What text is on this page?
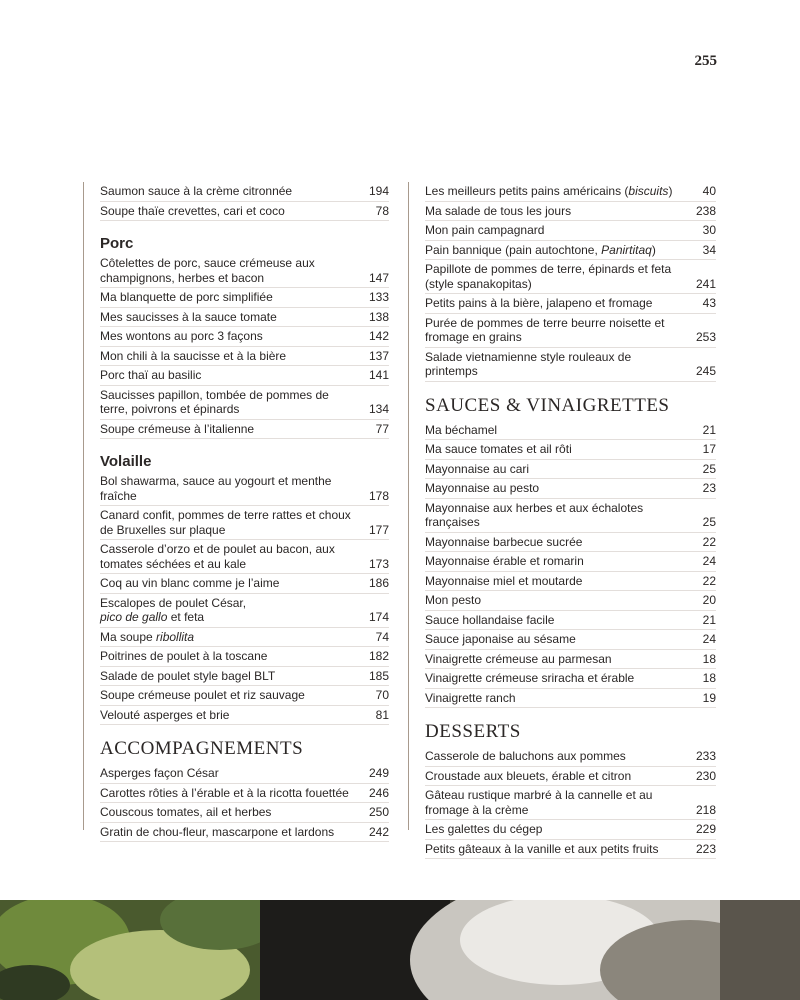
255
Saumon sauce à la crème citronnée	194
Soupe thaïe crevettes, cari et coco	78
Porc
Côtelettes de porc, sauce crémeuse aux champignons, herbes et bacon	147
Ma blanquette de porc simplifiée	133
Mes saucisses à la sauce tomate	138
Mes wontons au porc 3 façons	142
Mon chili à la saucisse et à la bière	137
Porc thaï au basilic	141
Saucisses papillon, tombée de pommes de terre, poivrons et épinards	134
Soupe crémeuse à l’italienne	77
Volaille
Bol shawarma, sauce au yogourt et menthe fraîche	178
Canard confit, pommes de terre rattes et choux de Bruxelles sur plaque	177
Casserole d’orzo et de poulet au bacon, aux tomates séchées et au kale	173
Coq au vin blanc comme je l’aime	186
Escalopes de poulet César,
pico de gallo et feta	174
Ma soupe ribollita	74
Poitrines de poulet à la toscane	182
Salade de poulet style bagel BLT	185
Soupe crémeuse poulet et riz sauvage	70
Velouté asperges et brie	81
ACCOMPAGNEMENTS
Asperges façon César	249
Carottes rôties à l’érable et à la ricotta fouettée	246
Couscous tomates, ail et herbes	250
Gratin de chou-fleur, mascarpone et lardons	242
Les meilleurs petits pains américains (biscuits)	40
Ma salade de tous les jours	238
Mon pain campagnard	30
Pain bannique (pain autochtone, Panirtitaq)	34
Papillote de pommes de terre, épinards et feta (style spanakopitas)	241
Petits pains à la bière, jalapeno et fromage	43
Purée de pommes de terre beurre noisette et fromage en grains	253
Salade vietnamienne style rouleaux de printemps	245
SAUCES & VINAIGRETTES
Ma béchamel	21
Ma sauce tomates et ail rôti	17
Mayonnaise au cari	25
Mayonnaise au pesto	23
Mayonnaise aux herbes et aux échalotes françaises	25
Mayonnaise barbecue sucrée	22
Mayonnaise érable et romarin	24
Mayonnaise miel et moutarde	22
Mon pesto	20
Sauce hollandaise facile	21
Sauce japonaise au sésame	24
Vinaigrette crémeuse au parmesan	18
Vinaigrette crémeuse sriracha et érable	18
Vinaigrette ranch	19
DESSERTS
Casserole de baluchons aux pommes	233
Croustade aux bleuets, érable et citron	230
Gâteau rustique marbré à la cannelle et au fromage à la crème	218
Les galettes du cégep	229
Petits gâteaux à la vanille et aux petits fruits	223
